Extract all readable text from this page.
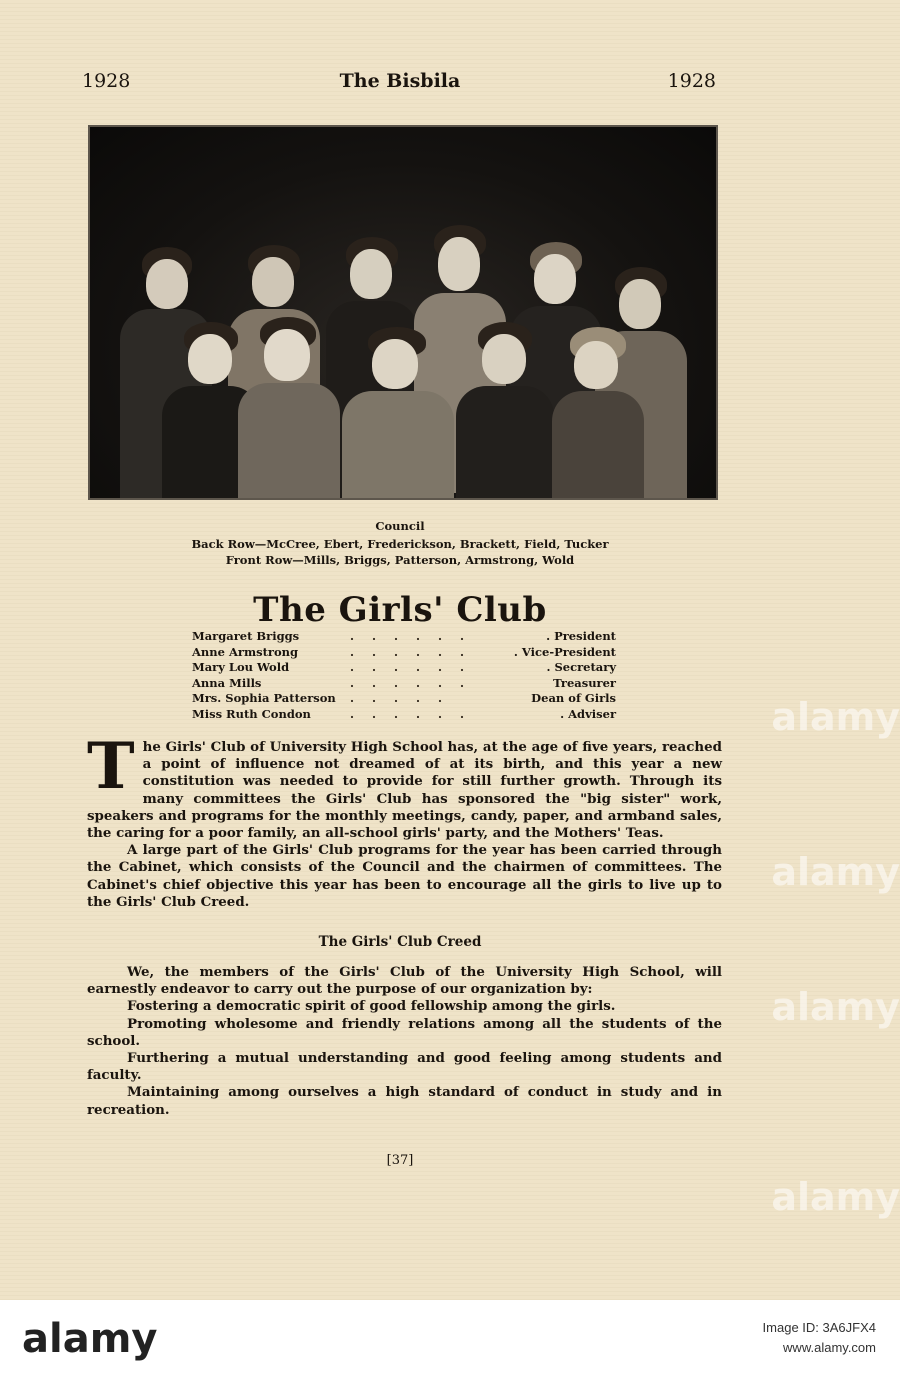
1928	The Bisbila	1928
Council
Back Row—McCree, Ebert, Frederickson, Brackett, Field, Tucker
Front Row—Mills, Briggs, Patterson, Armstrong, Wold
The Girls' Club
Margaret Briggs	......	. President
Anne Armstrong	......	. Vice-President
Mary Lou Wold	......	. Secretary
Anna Mills	......	Treasurer
Mrs. Sophia Patterson .....	Dean of Girls
Miss Ruth Condon	......	. Adviser

The Girls' Club of University High School has, at the age of five years, reached a point of influence not dreamed of at its birth, and this year a new constitution was needed to provide for still further growth. Through its many committees the Girls' Club has sponsored the "big sister" work, speakers and programs for the monthly meetings, candy, paper, and armband sales, the caring for a poor family, an all-school girls' party, and the Mothers' Teas.

A large part of the Girls' Club programs for the year has been carried through the Cabinet, which consists of the Council and the chairmen of committees. The Cabinet's chief objective this year has been to encourage all the girls to live up to the Girls' Club Creed.

The Girls' Club Creed

We, the members of the Girls' Club of the University High School, will earnestly endeavor to carry out the purpose of our organization by:

Fostering a democratic spirit of good fellowship among the girls.

Promoting wholesome and friendly relations among all the students of the school.

Furthering a mutual understanding and good feeling among students and faculty.

Maintaining among ourselves a high standard of conduct in study and in recreation.

[37]
alamy
alamy
alamy
alamy
alamy	Image ID: 3A6JFX4
www.alamy.com
